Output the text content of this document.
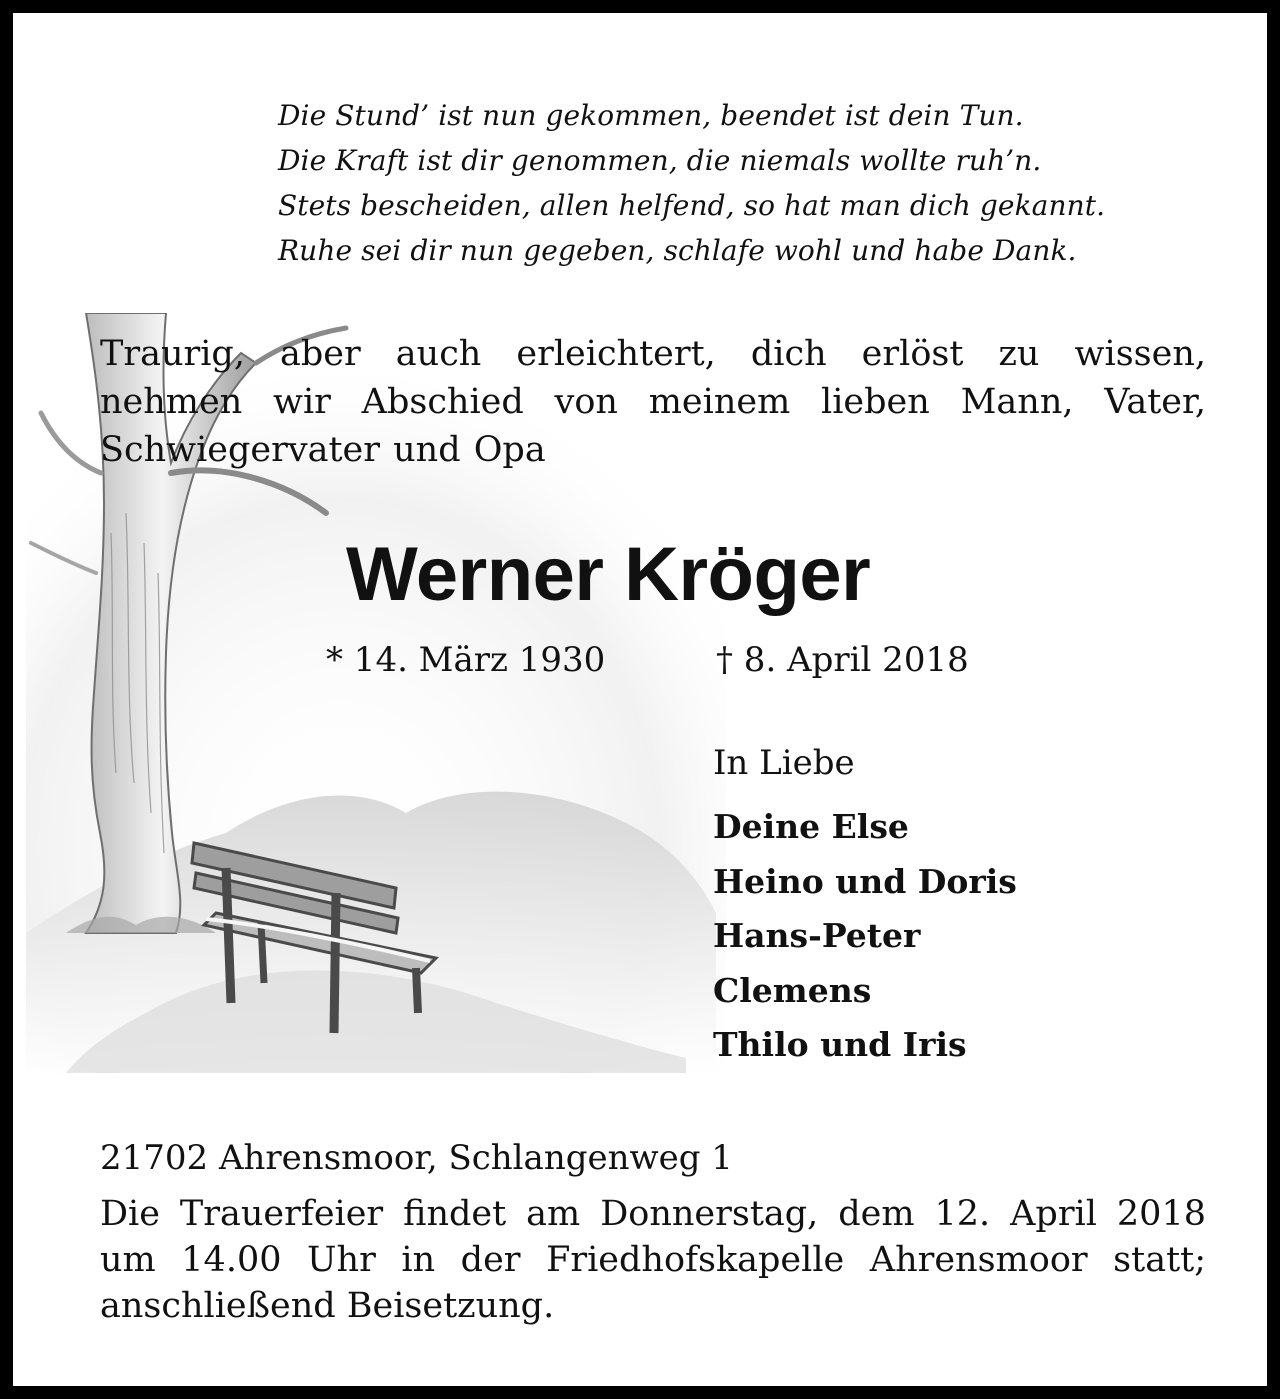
Die Stund’ ist nun gekommen, beendet ist dein Tun.
Die Kraft ist dir genommen, die niemals wollte ruh’n.
Stets bescheiden, allen helfend, so hat man dich gekannt.
Ruhe sei dir nun gegeben, schlafe wohl und habe Dank.
Traurig, aber auch erleichtert, dich erlöst zu wissen,
nehmen wir Abschied von meinem lieben Mann, Vater,
Schwiegervater und Opa
Werner Kröger
* 14. März 1930	† 8. April 2018
In Liebe
Deine Else
Heino und Doris
Hans-Peter
Clemens
Thilo und Iris
21702 Ahrensmoor, Schlangenweg 1
Die Trauerfeier findet am Donnerstag, dem 12. April 2018
um 14.00 Uhr in der Friedhofskapelle Ahrensmoor statt;
anschließend Beisetzung.
